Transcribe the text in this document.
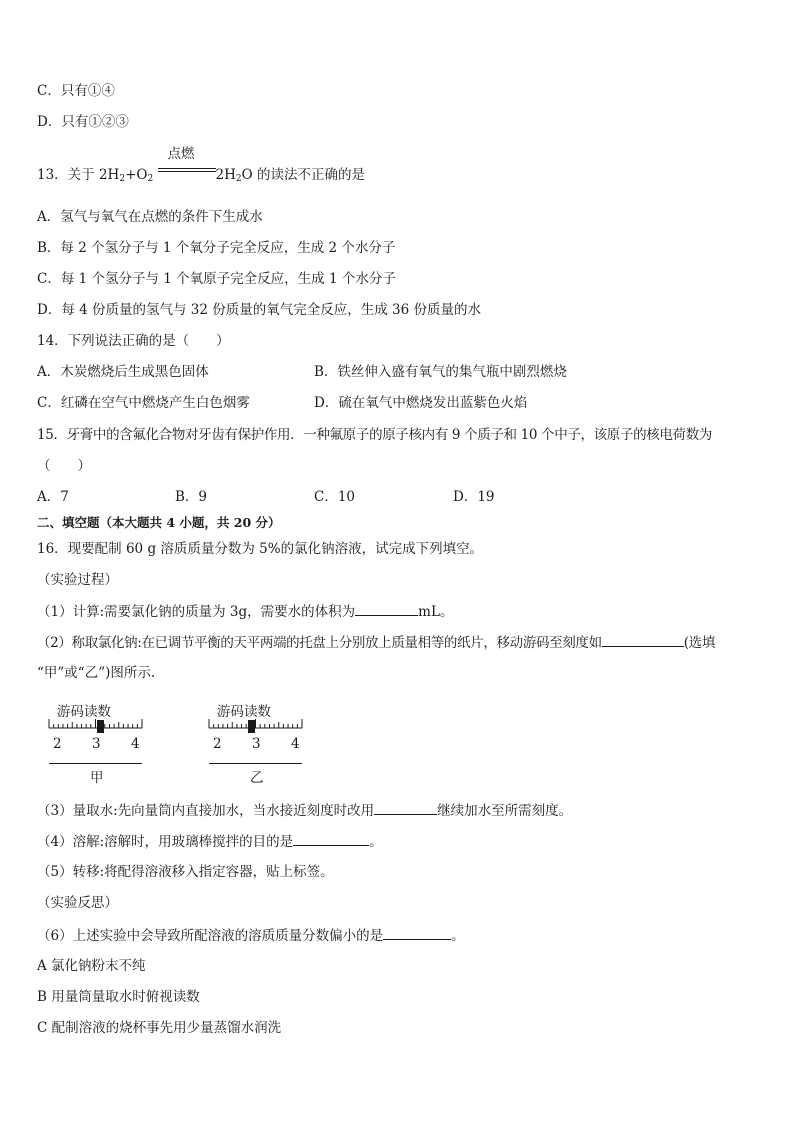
C．只有①④
D．只有①②③
13．关于 $2H_2+O_2$
点燃
$2H_2O$ 的读法不正确的是
A．氢气与氧气在点燃的条件下生成水
B．每 2 个氢分子与 1 个氧分子完全反应，生成 2 个水分子
C．每 1 个氢分子与 1 个氧原子完全反应，生成 1 个水分子
D．每 4 份质量的氢气与 32 份质量的氧气完全反应，生成 36 份质量的水
14．下列说法正确的是（　　）
A．木炭燃烧后生成黑色固体	B．铁丝伸入盛有氧气的集气瓶中剧烈燃烧
C．红磷在空气中燃烧产生白色烟雾	D．硫在氧气中燃烧发出蓝紫色火焰
15．牙膏中的含氟化合物对牙齿有保护作用．一种氟原子的原子核内有 9 个质子和 10 个中子，该原子的核电荷数为
（　　）
A．7	B．9	C．10	D．19
二、填空题（本大题共 4 小题，共 20 分）
16．现要配制 60 g 溶质质量分数为 5%的氯化钠溶液，试完成下列填空。
（实验过程）
（1）计算:需要氯化钠的质量为 3g，需要水的体积为	mL。
（2）称取氯化钠:在已调节平衡的天平两端的托盘上分别放上质量相等的纸片，移动游码至刻度如	(选填
“甲”或“乙”)图所示.
游码读数
2 3 4
甲
游码读数
2 3 4
乙
（3）量取水:先向量筒内直接加水，当水接近刻度时改用	继续加水至所需刻度。
（4）溶解:溶解时，用玻璃棒搅拌的目的是	。
（5）转移:将配得溶液移入指定容器，贴上标签。
（实验反思）
（6）上述实验中会导致所配溶液的溶质质量分数偏小的是	。
A 氯化钠粉末不纯
B 用量筒量取水时俯视读数
C 配制溶液的烧杯事先用少量蒸馏水润洗
